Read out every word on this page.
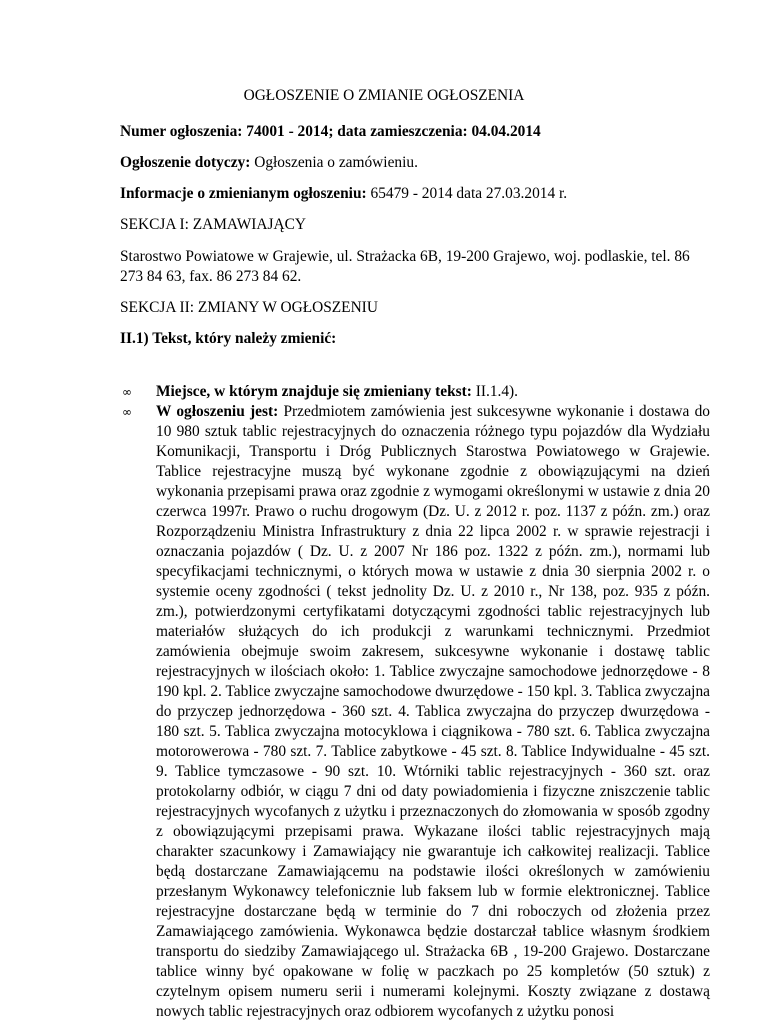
OGŁOSZENIE O ZMIANIE OGŁOSZENIA

Numer ogłoszenia: 74001 - 2014; data zamieszczenia: 04.04.2014

Ogłoszenie dotyczy: Ogłoszenia o zamówieniu.

Informacje o zmienianym ogłoszeniu: 65479 - 2014 data 27.03.2014 r.

SEKCJA I: ZAMAWIAJĄCY

Starostwo Powiatowe w Grajewie, ul. Strażacka 6B, 19-200 Grajewo, woj. podlaskie, tel. 86 273 84 63, fax. 86 273 84 62.

SEKCJA II: ZMIANY W OGŁOSZENIU

II.1) Tekst, który należy zmienić:

∞ Miejsce, w którym znajduje się zmieniany tekst: II.1.4).
∞ W ogłoszeniu jest: Przedmiotem zamówienia jest sukcesywne wykonanie i dostawa do 10 980 sztuk tablic rejestracyjnych do oznaczenia różnego typu pojazdów dla Wydziału Komunikacji, Transportu i Dróg Publicznych Starostwa Powiatowego w Grajewie. Tablice rejestracyjne muszą być wykonane zgodnie z obowiązującymi na dzień wykonania przepisami prawa oraz zgodnie z wymogami określonymi w ustawie z dnia 20 czerwca 1997r. Prawo o ruchu drogowym (Dz. U. z 2012 r. poz. 1137 z późn. zm.) oraz Rozporządzeniu Ministra Infrastruktury z dnia 22 lipca 2002 r. w sprawie rejestracji i oznaczania pojazdów ( Dz. U. z 2007 Nr 186 poz. 1322 z późn. zm.), normami lub specyfikacjami technicznymi, o których mowa w ustawie z dnia 30 sierpnia 2002 r. o systemie oceny zgodności ( tekst jednolity Dz. U. z 2010 r., Nr 138, poz. 935 z późn. zm.), potwierdzonymi certyfikatami dotyczącymi zgodności tablic rejestracyjnych lub materiałów służących do ich produkcji z warunkami technicznymi. Przedmiot zamówienia obejmuje swoim zakresem, sukcesywne wykonanie i dostawę tablic rejestracyjnych w ilościach około: 1. Tablice zwyczajne samochodowe jednorzędowe - 8 190 kpl. 2. Tablice zwyczajne samochodowe dwurzędowe - 150 kpl. 3. Tablica zwyczajna do przyczep jednorzędowa - 360 szt. 4. Tablica zwyczajna do przyczep dwurzędowa - 180 szt. 5. Tablica zwyczajna motocyklowa i ciągnikowa - 780 szt. 6. Tablica zwyczajna motorowerowa - 780 szt. 7. Tablice zabytkowe - 45 szt. 8. Tablice Indywidualne - 45 szt. 9. Tablice tymczasowe - 90 szt. 10. Wtórniki tablic rejestracyjnych - 360 szt. oraz protokolarny odbiór, w ciągu 7 dni od daty powiadomienia i fizyczne zniszczenie tablic rejestracyjnych wycofanych z użytku i przeznaczonych do złomowania w sposób zgodny z obowiązującymi przepisami prawa. Wykazane ilości tablic rejestracyjnych mają charakter szacunkowy i Zamawiający nie gwarantuje ich całkowitej realizacji. Tablice będą dostarczane Zamawiającemu na podstawie ilości określonych w zamówieniu przesłanym Wykonawcy telefonicznie lub faksem lub w formie elektronicznej. Tablice rejestracyjne dostarczane będą w terminie do 7 dni roboczych od złożenia przez Zamawiającego zamówienia. Wykonawca będzie dostarczał tablice własnym środkiem transportu do siedziby Zamawiającego ul. Strażacka 6B , 19-200 Grajewo. Dostarczane tablice winny być opakowane w folię w paczkach po 25 kompletów (50 sztuk) z czytelnym opisem numeru serii i numerami kolejnymi. Koszty związane z dostawą nowych tablic rejestracyjnych oraz odbiorem wycofanych z użytku ponosi
